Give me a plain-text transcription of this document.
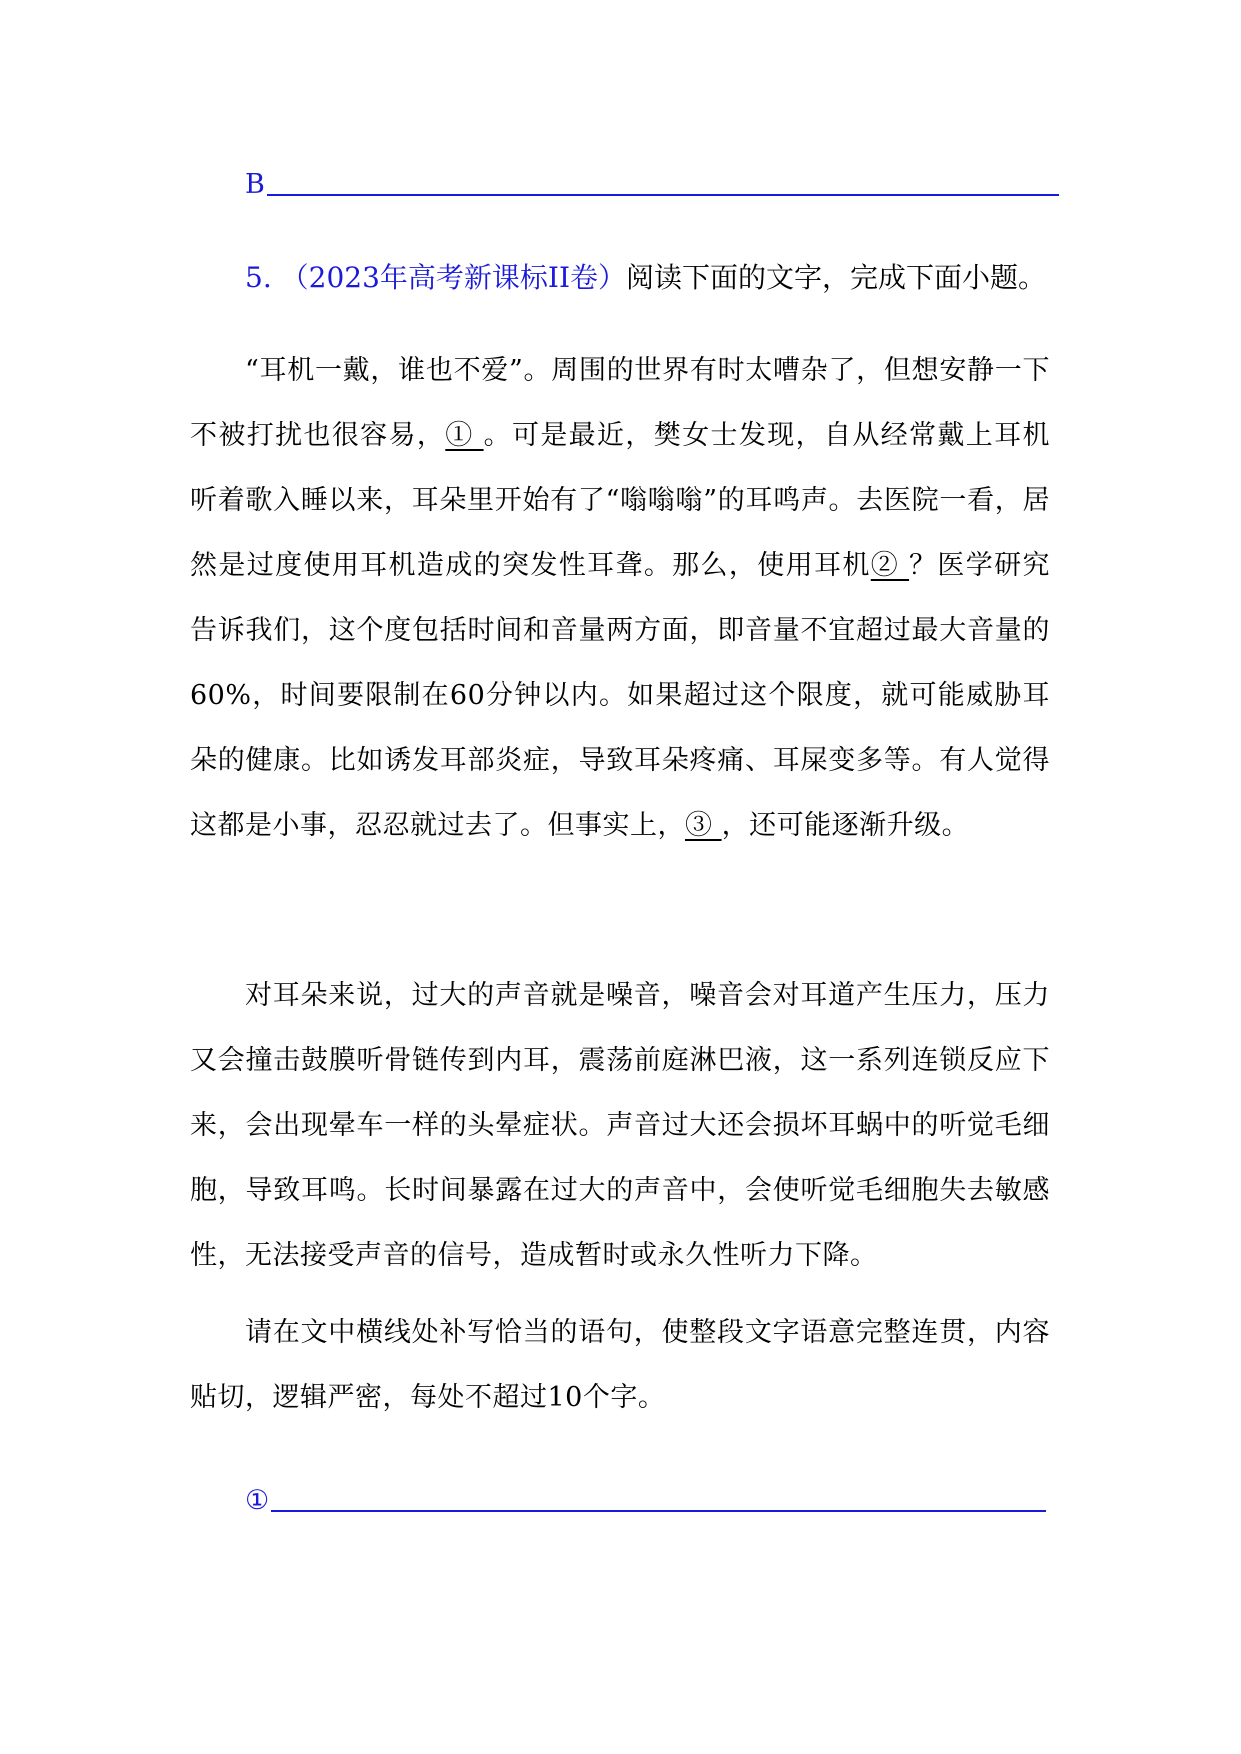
B
5. （2023年高考新课标II卷）阅读下面的文字，完成下面小题。

“耳机一戴，谁也不爱”。周围的世界有时太嘈杂了，但想安静一下不被打扰也很容易，① 。可是最近，樊女士发现，自从经常戴上耳机听着歌入睡以来，耳朵里开始有了“嗡嗡嗡”的耳鸣声。去医院一看，居然是过度使用耳机造成的突发性耳聋。那么，使用耳机② ？医学研究告诉我们，这个度包括时间和音量两方面，即音量不宜超过最大音量的60%，时间要限制在60分钟以内。如果超过这个限度，就可能威胁耳朵的健康。比如诱发耳部炎症，导致耳朵疼痛、耳屎变多等。有人觉得这都是小事，忍忍就过去了。但事实上，③ ，还可能逐渐升级。

对耳朵来说，过大的声音就是噪音，噪音会对耳道产生压力，压力又会撞击鼓膜听骨链传到内耳，震荡前庭淋巴液，这一系列连锁反应下来，会出现晕车一样的头晕症状。声音过大还会损坏耳蜗中的听觉毛细胞，导致耳鸣。长时间暴露在过大的声音中，会使听觉毛细胞失去敏感性，无法接受声音的信号，造成暂时或永久性听力下降。

请在文中横线处补写恰当的语句，使整段文字语意完整连贯，内容贴切，逻辑严密，每处不超过10个字。

①
